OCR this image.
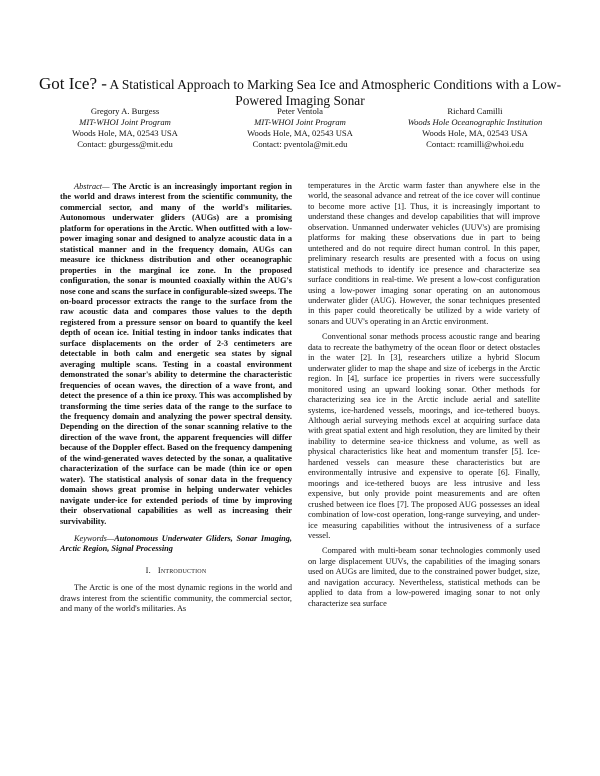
Got Ice? - A Statistical Approach to Marking Sea Ice and Atmospheric Conditions with a Low-Powered Imaging Sonar
Gregory A. Burgess
MIT-WHOI Joint Program
Woods Hole, MA, 02543 USA
Contact: gburgess@mit.edu
Peter Ventola
MIT-WHOI Joint Program
Woods Hole, MA, 02543 USA
Contact: pventola@mit.edu
Richard Camilli
Woods Hole Oceanographic Institution
Woods Hole, MA, 02543 USA
Contact: rcamilli@whoi.edu

Abstract— The Arctic is an increasingly important region in the world and draws interest from the scientific community, the commercial sector, and many of the world's militaries. Autonomous underwater gliders (AUGs) are a promising platform for operations in the Arctic. When outfitted with a low-power imaging sonar and designed to analyze acoustic data in a statistical manner and in the frequency domain, AUGs can measure ice thickness distribution and other oceanographic properties in the marginal ice zone. In the proposed configuration, the sonar is mounted coaxially within the AUG's nose cone and scans the surface in configurable-sized sweeps. The on-board processor extracts the range to the surface from the raw acoustic data and compares those values to the depth registered from a pressure sensor on board to quantify the keel depth of ocean ice. Initial testing in indoor tanks indicates that surface displacements on the order of 2-3 centimeters are detectable in both calm and energetic sea states by signal averaging multiple scans. Testing in a coastal environment demonstrated the sonar's ability to determine the characteristic frequencies of ocean waves, the direction of a wave front, and detect the presence of a thin ice proxy. This was accomplished by transforming the time series data of the range to the surface to the frequency domain and analyzing the power spectral density. Depending on the direction of the sonar scanning relative to the direction of the wave front, the apparent frequencies will differ because of the Doppler effect. Based on the frequency dampening of the wind-generated waves detected by the sonar, a qualitative characterization of the surface can be made (thin ice or open water). The statistical analysis of sonar data in the frequency domain shows great promise in helping underwater vehicles navigate under-ice for extended periods of time by improving their observational capabilities as well as increasing their survivability.

Keywords—Autonomous Underwater Gliders, Sonar Imaging, Arctic Region, Signal Processing

I. Introduction

The Arctic is one of the most dynamic regions in the world and draws interest from the scientific community, the commercial sector, and many of the world's militaries. As

temperatures in the Arctic warm faster than anywhere else in the world, the seasonal advance and retreat of the ice cover will continue to become more active [1]. Thus, it is increasingly important to understand these changes and develop capabilities that will improve observation. Unmanned underwater vehicles (UUV's) are promising platforms for making these observations due in part to being untethered and do not require direct human control. In this paper, preliminary research results are presented with a focus on using statistical methods to identify ice presence and characterize sea surface conditions in real-time. We present a low-cost configuration using a low-power imaging sonar operating on an autonomous underwater glider (AUG). However, the sonar techniques presented in this paper could theoretically be utilized by a wide variety of sonars and UUV's operating in an Arctic environment.

Conventional sonar methods process acoustic range and bearing data to recreate the bathymetry of the ocean floor or detect obstacles in the water [2]. In [3], researchers utilize a hybrid Slocum underwater glider to map the shape and size of icebergs in the Arctic region. In [4], surface ice properties in rivers were successfully monitored using an upward looking sonar. Other methods for characterizing sea ice in the Arctic include aerial and satellite systems, ice-hardened vessels, moorings, and ice-tethered buoys. Although aerial surveying methods excel at acquiring surface data with great spatial extent and high resolution, they are limited by their inability to determine sea-ice thickness and volume, as well as physical characteristics like heat and momentum transfer [5]. Ice-hardened vessels can measure these characteristics but are environmentally intrusive and expensive to operate [6]. Finally, moorings and ice-tethered buoys are less intrusive and less expensive, but only provide point measurements and are often crushed between ice floes [7]. The proposed AUG possesses an ideal combination of low-cost operation, long-range surveying, and under-ice measuring capabilities without the intrusiveness of a surface vessel.

Compared with multi-beam sonar technologies commonly used on large displacement UUVs, the capabilities of the imaging sonars used on AUGs are limited, due to the constrained power budget, size, and navigation accuracy. Nevertheless, statistical methods can be applied to data from a low-powered imaging sonar to not only characterize sea surface
